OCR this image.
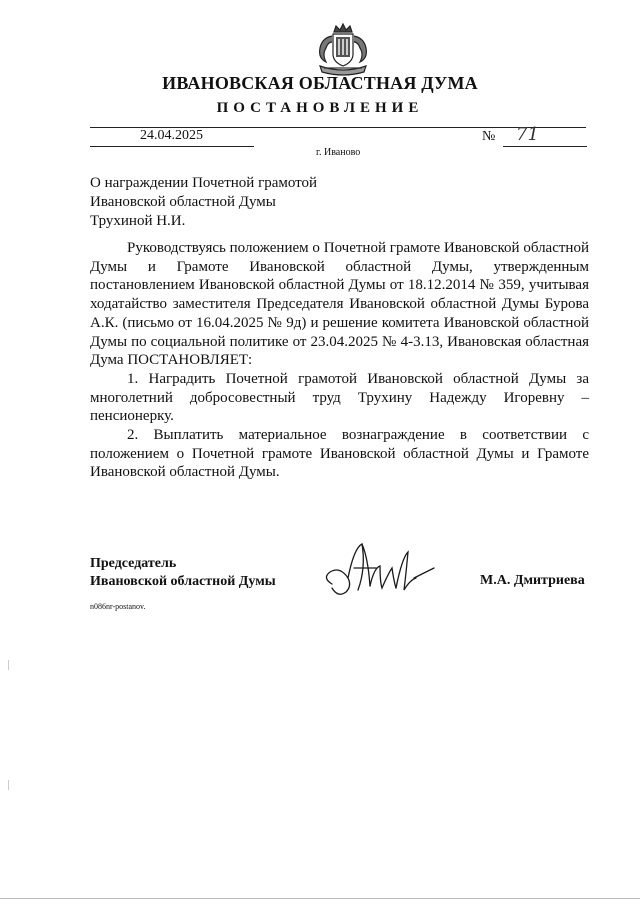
ИВАНОВСКАЯ ОБЛАСТНАЯ ДУМА
ПОСТАНОВЛЕНИЕ
24.04.2025	№ 71
г. Иваново
О награждении Почетной грамотой
Ивановской областной Думы
Трухиной Н.И.

Руководствуясь положением о Почетной грамоте Ивановской областной Думы и Грамоте Ивановской областной Думы, утвержденным постановлением Ивановской областной Думы от 18.12.2014 № 359, учитывая ходатайство заместителя Председателя Ивановской областной Думы Бурова А.К. (письмо от 16.04.2025 № 9д) и решение комитета Ивановской областной Думы по социальной политике от 23.04.2025 № 4-3.13, Ивановская областная Дума ПОСТАНОВЛЯЕТ:

1. Наградить Почетной грамотой Ивановской областной Думы за многолетний добросовестный труд Трухину Надежду Игоревну – пенсионерку.

2. Выплатить материальное вознаграждение в соответствии с положением о Почетной грамоте Ивановской областной Думы и Грамоте Ивановской областной Думы.

Председатель
Ивановской областной Думы	М.А. Дмитриева
n086nr-postanov.
